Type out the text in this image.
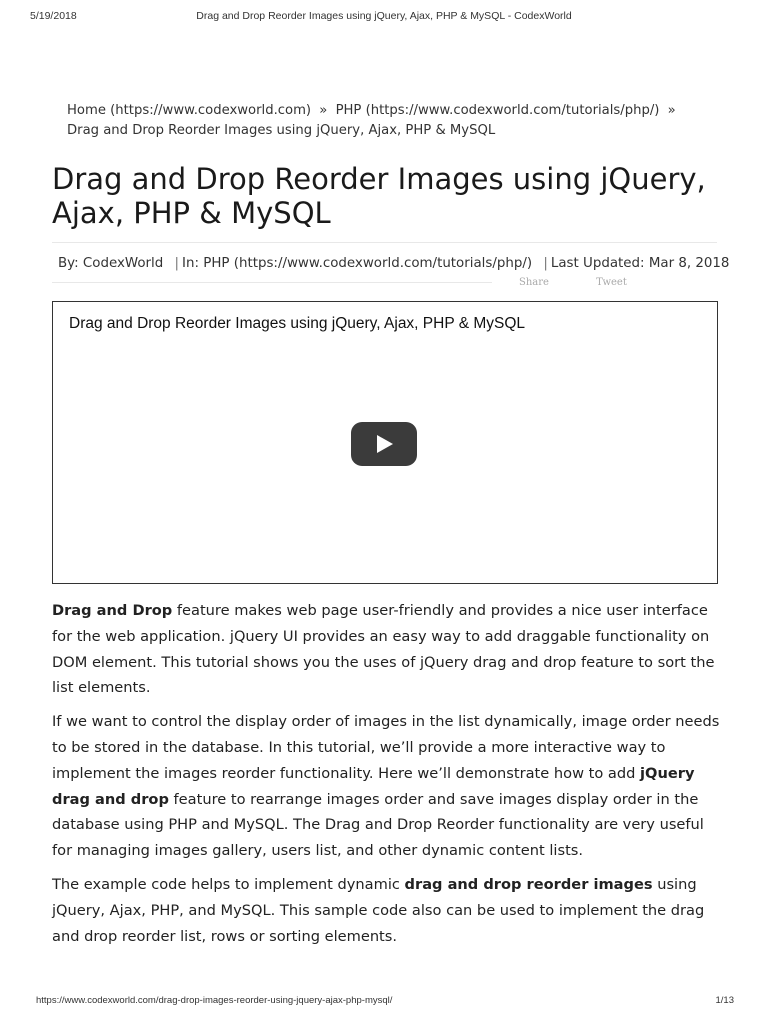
5/19/2018	Drag and Drop Reorder Images using jQuery, Ajax, PHP & MySQL - CodexWorld
Home (https://www.codexworld.com) » PHP (https://www.codexworld.com/tutorials/php/) » Drag and Drop Reorder Images using jQuery, Ajax, PHP & MySQL
Drag and Drop Reorder Images using jQuery, Ajax, PHP & MySQL
By: CodexWorld | In: PHP (https://www.codexworld.com/tutorials/php/) | Last Updated: Mar 8, 2018
Share	Tweet
Drag and Drop Reorder Images using jQuery, Ajax, PHP & MySQL

Drag and Drop feature makes web page user-friendly and provides a nice user interface for the web application. jQuery UI provides an easy way to add draggable functionality on DOM element. This tutorial shows you the uses of jQuery drag and drop feature to sort the list elements.

If we want to control the display order of images in the list dynamically, image order needs to be stored in the database. In this tutorial, we’ll provide a more interactive way to implement the images reorder functionality. Here we’ll demonstrate how to add jQuery drag and drop feature to rearrange images order and save images display order in the database using PHP and MySQL. The Drag and Drop Reorder functionality are very useful for managing images gallery, users list, and other dynamic content lists.

The example code helps to implement dynamic drag and drop reorder images using jQuery, Ajax, PHP, and MySQL. This sample code also can be used to implement the drag and drop reorder list, rows or sorting elements.

https://www.codexworld.com/drag-drop-images-reorder-using-jquery-ajax-php-mysql/	1/13
